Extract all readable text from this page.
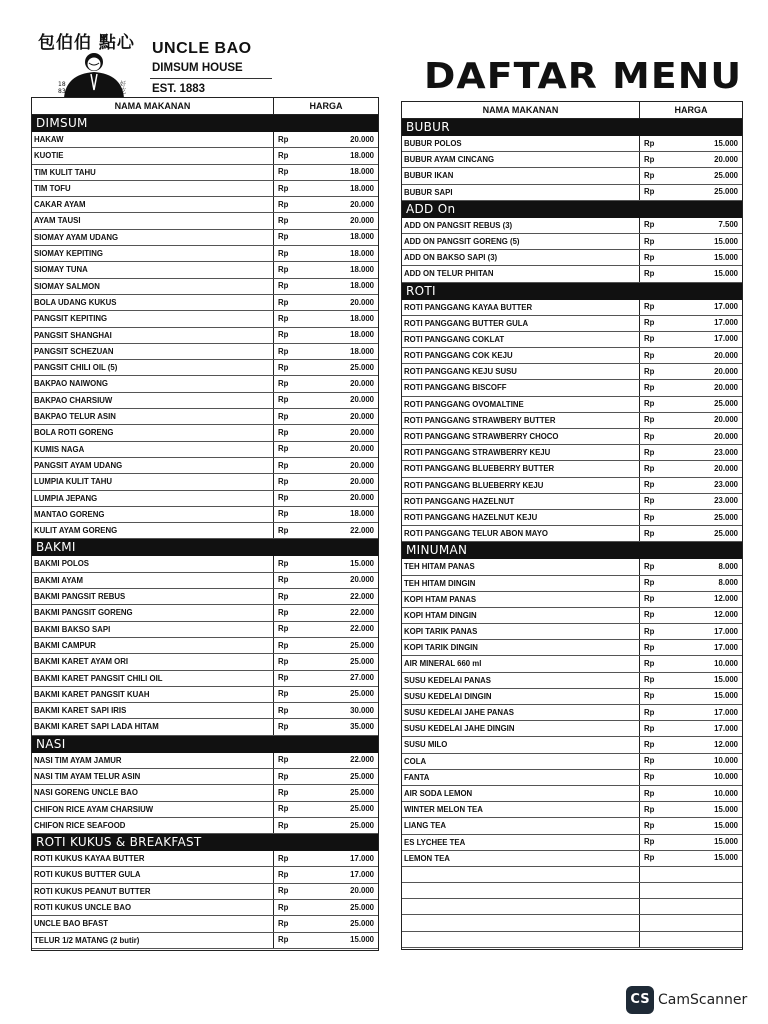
包伯伯 點心
18
83
好
吃
UNCLE BAO
DIMSUM HOUSE
EST. 1883	DAFTAR MENU
NAMA MAKANAN	HARGA
DIMSUM
HAKAW	Rp	20.000
KUOTIE	Rp	18.000
TIM KULIT TAHU	Rp	18.000
TIM TOFU	Rp	18.000
CAKAR AYAM	Rp	20.000
AYAM TAUSI	Rp	20.000
SIOMAY AYAM UDANG	Rp	18.000
SIOMAY KEPITING	Rp	18.000
SIOMAY TUNA	Rp	18.000
SIOMAY SALMON	Rp	18.000
BOLA UDANG KUKUS	Rp	20.000
PANGSIT KEPITING	Rp	18.000
PANGSIT SHANGHAI	Rp	18.000
PANGSIT SCHEZUAN	Rp	18.000
PANGSIT CHILI OIL (5)	Rp	25.000
BAKPAO NAIWONG	Rp	20.000
BAKPAO CHARSIUW	Rp	20.000
BAKPAO TELUR ASIN	Rp	20.000
BOLA ROTI GORENG	Rp	20.000
KUMIS NAGA	Rp	20.000
PANGSIT AYAM UDANG	Rp	20.000
LUMPIA KULIT TAHU	Rp	20.000
LUMPIA JEPANG	Rp	20.000
MANTAO GORENG	Rp	18.000
KULIT AYAM GORENG	Rp	22.000
BAKMI
BAKMI POLOS	Rp	15.000
BAKMI AYAM	Rp	20.000
BAKMI PANGSIT REBUS	Rp	22.000
BAKMI PANGSIT GORENG	Rp	22.000
BAKMI BAKSO SAPI	Rp	22.000
BAKMI CAMPUR	Rp	25.000
BAKMI KARET AYAM ORI	Rp	25.000
BAKMI KARET PANGSIT CHILI OIL	Rp	27.000
BAKMI KARET PANGSIT KUAH	Rp	25.000
BAKMI KARET SAPI IRIS	Rp	30.000
BAKMI KARET SAPI LADA HITAM	Rp	35.000
NASI
NASI TIM AYAM JAMUR	Rp	22.000
NASI TIM AYAM TELUR ASIN	Rp	25.000
NASI GORENG UNCLE BAO	Rp	25.000
CHIFON RICE AYAM CHARSIUW	Rp	25.000
CHIFON RICE SEAFOOD	Rp	25.000
ROTI KUKUS & BREAKFAST
ROTI KUKUS KAYAA BUTTER	Rp	17.000
ROTI KUKUS BUTTER GULA	Rp	17.000
ROTI KUKUS PEANUT BUTTER	Rp	20.000
ROTI KUKUS UNCLE BAO	Rp	25.000
UNCLE BAO BFAST	Rp	25.000
TELUR 1/2 MATANG (2 butir)	Rp	15.000
NAMA MAKANAN	HARGA
BUBUR
BUBUR POLOS	Rp	15.000
BUBUR AYAM CINCANG	Rp	20.000
BUBUR IKAN	Rp	25.000
BUBUR SAPI	Rp	25.000
ADD On
ADD ON PANGSIT REBUS (3)	Rp	7.500
ADD ON PANGSIT GORENG (5)	Rp	15.000
ADD ON BAKSO SAPI (3)	Rp	15.000
ADD ON TELUR PHITAN	Rp	15.000
ROTI
ROTI PANGGANG KAYAA BUTTER	Rp	17.000
ROTI PANGGANG BUTTER GULA	Rp	17.000
ROTI PANGGANG COKLAT	Rp	17.000
ROTI PANGGANG COK KEJU	Rp	20.000
ROTI PANGGANG KEJU SUSU	Rp	20.000
ROTI PANGGANG BISCOFF	Rp	20.000
ROTI PANGGANG OVOMALTINE	Rp	25.000
ROTI PANGGANG STRAWBERY BUTTER	Rp	20.000
ROTI PANGGANG STRAWBERRY CHOCO	Rp	20.000
ROTI PANGGANG STRAWBERRY KEJU	Rp	23.000
ROTI PANGGANG BLUEBERRY BUTTER	Rp	20.000
ROTI PANGGANG BLUEBERRY KEJU	Rp	23.000
ROTI PANGGANG HAZELNUT	Rp	23.000
ROTI PANGGANG HAZELNUT KEJU	Rp	25.000
ROTI PANGGANG TELUR ABON MAYO	Rp	25.000
MINUMAN
TEH HITAM PANAS	Rp	8.000
TEH HITAM DINGIN	Rp	8.000
KOPI HTAM PANAS	Rp	12.000
KOPI HTAM DINGIN	Rp	12.000
KOPI TARIK PANAS	Rp	17.000
KOPI TARIK DINGIN	Rp	17.000
AIR MINERAL 660 ml	Rp	10.000
SUSU KEDELAI PANAS	Rp	15.000
SUSU KEDELAI DINGIN	Rp	15.000
SUSU KEDELAI JAHE PANAS	Rp	17.000
SUSU KEDELAI JAHE DINGIN	Rp	17.000
SUSU MILO	Rp	12.000
COLA	Rp	10.000
FANTA	Rp	10.000
AIR SODA LEMON	Rp	10.000
WINTER MELON TEA	Rp	15.000
LIANG TEA	Rp	15.000
ES LYCHEE TEA	Rp	15.000
LEMON TEA	Rp	15.000
CS CamScanner
